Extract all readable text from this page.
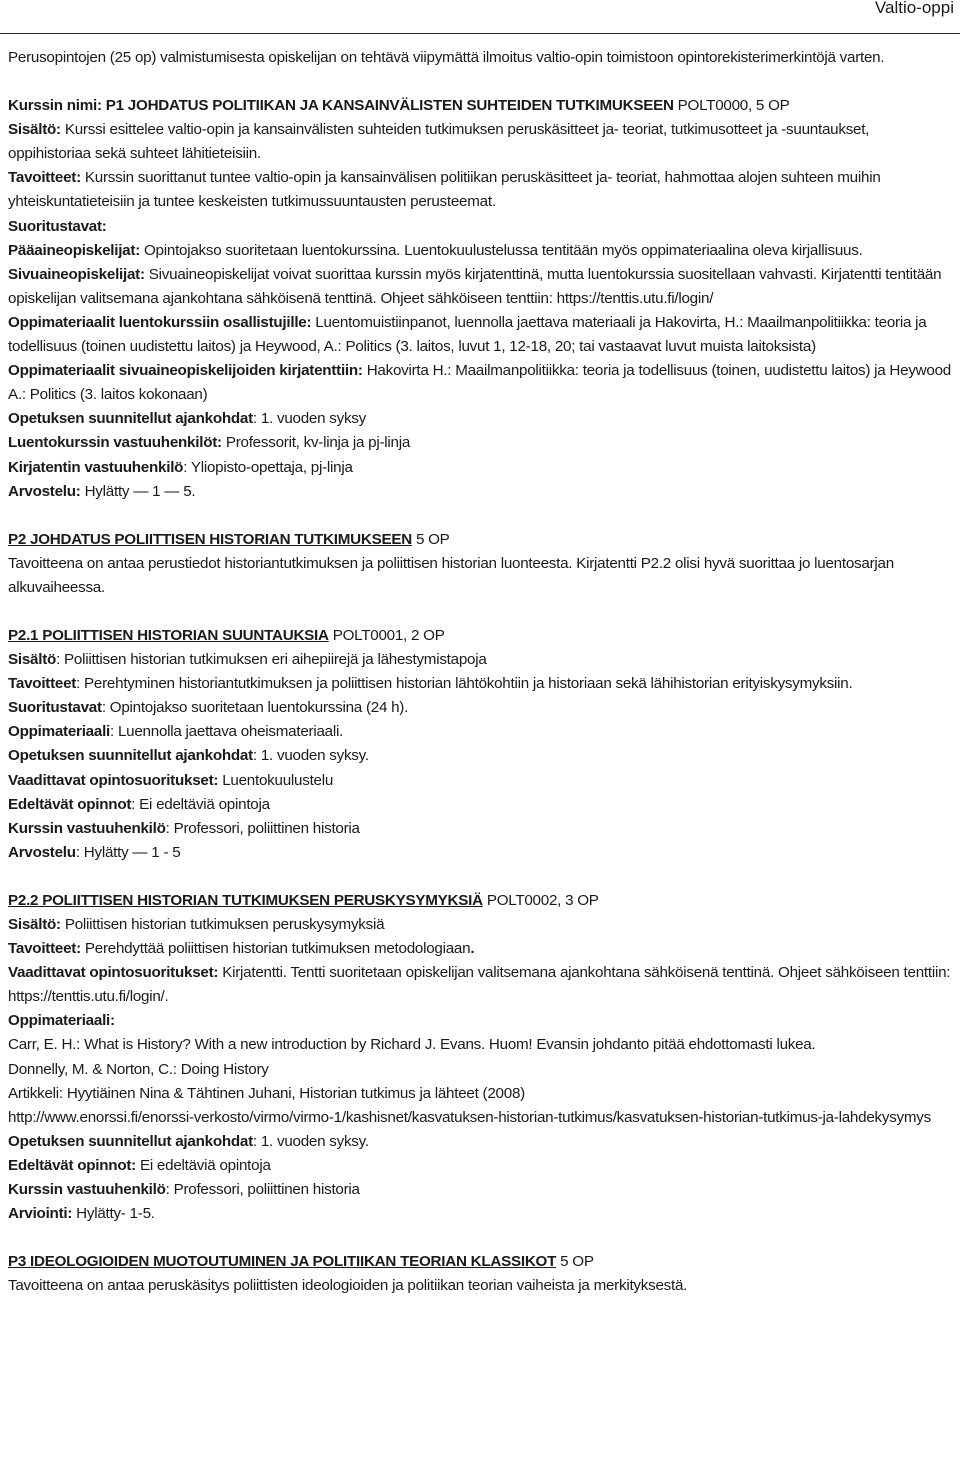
Valtio-oppi

Perusopintojen (25 op) valmistumisesta opiskelijan on tehtävä viipymättä ilmoitus valtio-opin toimistoon opintorekisterimerkintöjä varten.

Kurssin nimi: P1 JOHDATUS POLITIIKAN JA KANSAINVÄLISTEN SUHTEIDEN TUTKIMUKSEEN POLT0000, 5 OP

Sisältö: Kurssi esittelee valtio-opin ja kansainvälisten suhteiden tutkimuksen peruskäsitteet ja- teoriat, tutkimusotteet ja -suuntaukset, oppihistoriaa sekä suhteet lähitieteisiin.

Tavoitteet: Kurssin suorittanut tuntee valtio-opin ja kansainvälisen politiikan peruskäsitteet ja- teoriat, hahmottaa alojen suhteen muihin yhteiskuntatieteisiin ja tuntee keskeisten tutkimussuuntausten perusteemat.

Suoritustavat:

Pääaineopiskelijat: Opintojakso suoritetaan luentokurssina. Luentokuulustelussa tentitään myös oppimateriaalina oleva kirjallisuus.

Sivuaineopiskelijat: Sivuaineopiskelijat voivat suorittaa kurssin myös kirjatenttinä, mutta luentokurssia suositellaan vahvasti. Kirjatentti tentitään opiskelijan valitsemana ajankohtana sähköisenä tenttinä. Ohjeet sähköiseen tenttiin: https://tenttis.utu.fi/login/

Oppimateriaalit luentokurssiin osallistujille: Luentomuistiinpanot, luennolla jaettava materiaali ja Hakovirta, H.: Maailmanpolitiikka: teoria ja todellisuus (toinen uudistettu laitos) ja Heywood, A.: Politics (3. laitos, luvut 1, 12-18, 20; tai vastaavat luvut muista laitoksista)

Oppimateriaalit sivuaineopiskelijoiden kirjatenttiin: Hakovirta H.: Maailmanpolitiikka: teoria ja todellisuus (toinen, uudistettu laitos) ja Heywood A.: Politics (3. laitos kokonaan)

Opetuksen suunnitellut ajankohdat: 1. vuoden syksy

Luentokurssin vastuuhenkilöt: Professorit, kv-linja ja pj-linja

Kirjatentin vastuuhenkilö: Yliopisto-opettaja, pj-linja

Arvostelu: Hylätty — 1 — 5.

P2 JOHDATUS POLIITTISEN HISTORIAN TUTKIMUKSEEN 5 OP

Tavoitteena on antaa perustiedot historiantutkimuksen ja poliittisen historian luonteesta. Kirjatentti P2.2 olisi hyvä suorittaa jo luentosarjan alkuvaiheessa.

P2.1 POLIITTISEN HISTORIAN SUUNTAUKSIA POLT0001, 2 OP

Sisältö: Poliittisen historian tutkimuksen eri aihepiirejä ja lähestymistapoja

Tavoitteet: Perehtyminen historiantutkimuksen ja poliittisen historian lähtökohtiin ja historiaan sekä lähihistorian erityiskysymyksiin.

Suoritustavat: Opintojakso suoritetaan luentokurssina (24 h).

Oppimateriaali: Luennolla jaettava oheismateriaali.

Opetuksen suunnitellut ajankohdat: 1. vuoden syksy.

Vaadittavat opintosuoritukset: Luentokuulustelu

Edeltävät opinnot: Ei edeltäviä opintoja

Kurssin vastuuhenkilö: Professori, poliittinen historia

Arvostelu: Hylätty — 1 - 5

P2.2 POLIITTISEN HISTORIAN TUTKIMUKSEN PERUSKYSYMYKSIÄ POLT0002, 3 OP

Sisältö: Poliittisen historian tutkimuksen peruskysymyksiä

Tavoitteet: Perehdyttää poliittisen historian tutkimuksen metodologiaan.

Vaadittavat opintosuoritukset: Kirjatentti. Tentti suoritetaan opiskelijan valitsemana ajankohtana sähköisenä tenttinä. Ohjeet sähköiseen tenttiin: https://tenttis.utu.fi/login/.

Oppimateriaali:

Carr, E. H.: What is History? With a new introduction by Richard J. Evans. Huom! Evansin johdanto pitää ehdottomasti lukea.

Donnelly, M. & Norton, C.: Doing History

Artikkeli: Hyytiäinen Nina & Tähtinen Juhani, Historian tutkimus ja lähteet (2008)

http://www.enorssi.fi/enorssi-verkosto/virmo/virmo-1/kashisnet/kasvatuksen-historian-tutkimus/kasvatuksen-historian-tutkimus-ja-lahdekysymys

Opetuksen suunnitellut ajankohdat: 1. vuoden syksy.

Edeltävät opinnot: Ei edeltäviä opintoja

Kurssin vastuuhenkilö: Professori, poliittinen historia

Arviointi: Hylätty- 1-5.

P3 IDEOLOGIOIDEN MUOTOUTUMINEN JA POLITIIKAN TEORIAN KLASSIKOT 5 OP

Tavoitteena on antaa peruskäsitys poliittisten ideologioiden ja politiikan teorian vaiheista ja merkityksestä.
